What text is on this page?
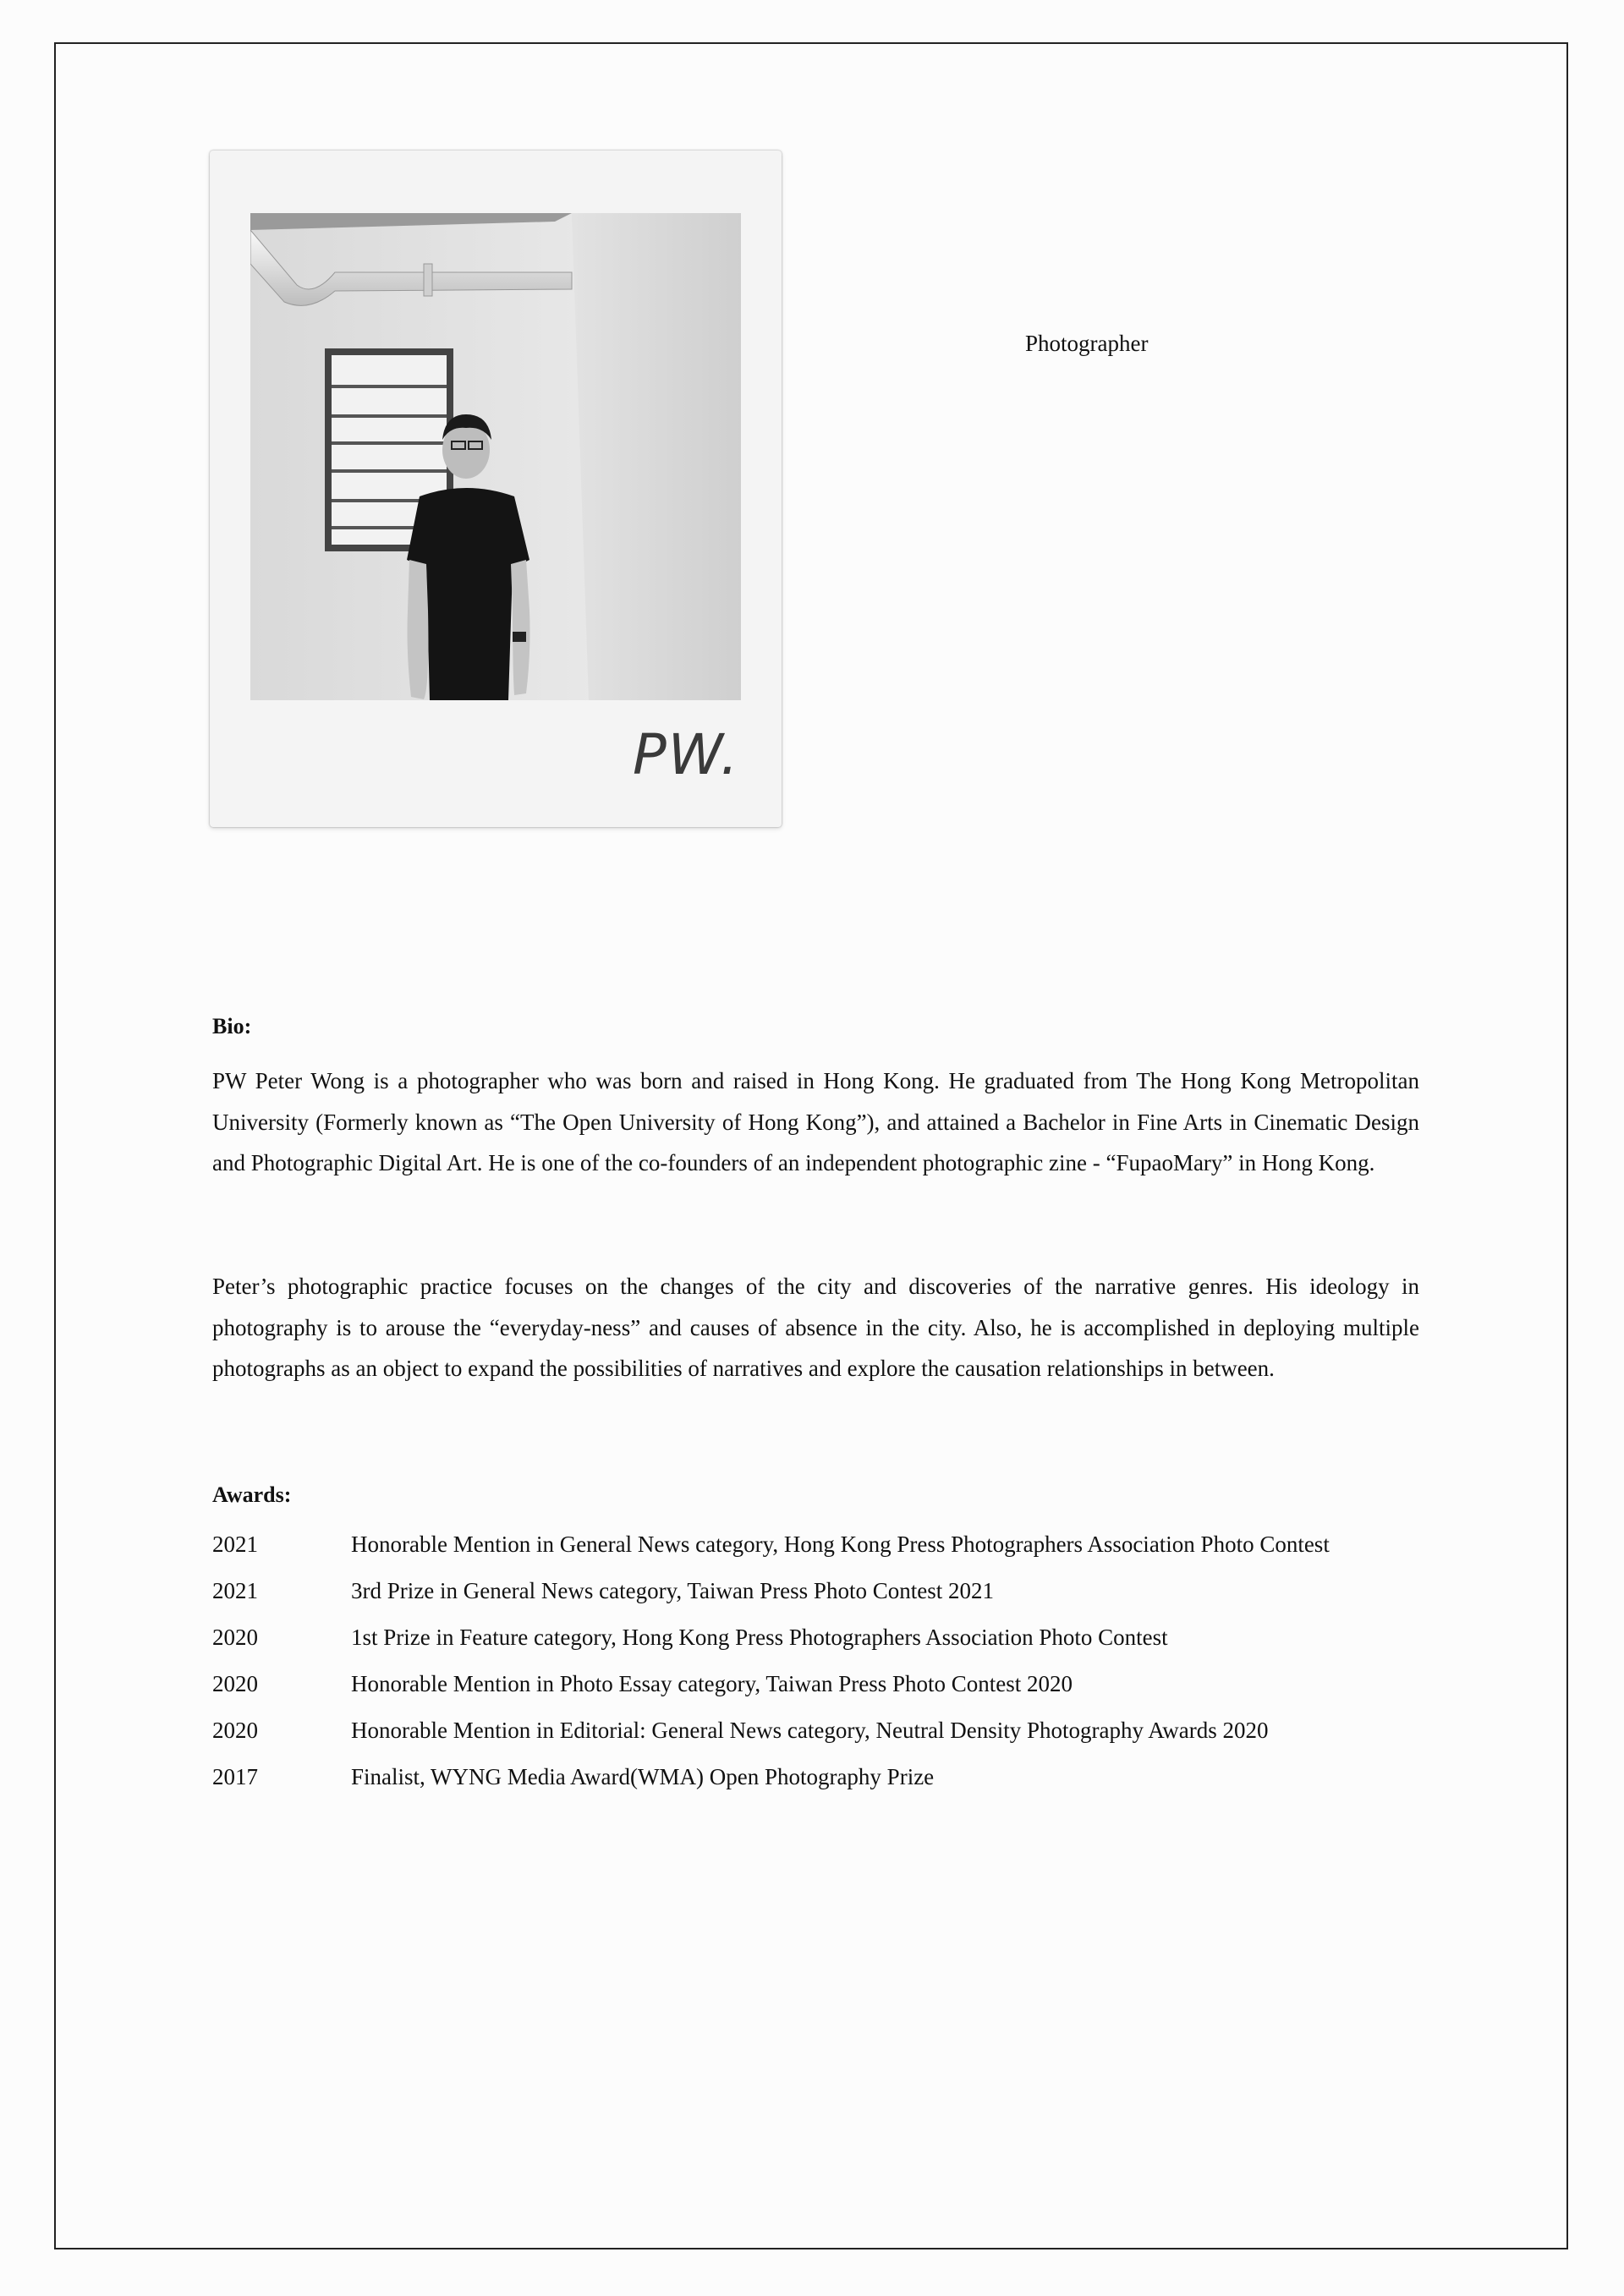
PW.
Photographer
Bio:

PW Peter Wong is a photographer who was born and raised in Hong Kong. He graduated from The Hong Kong Metropolitan University (Formerly known as “The Open University of Hong Kong”), and attained a Bachelor in Fine Arts in Cinematic Design and Photographic Digital Art. He is one of the co-founders of an independent photographic zine - “FupaoMary” in Hong Kong.

Peter’s photographic practice focuses on the changes of the city and discoveries of the narrative genres. His ideology in photography is to arouse the “everyday-ness” and causes of absence in the city. Also, he is accomplished in deploying multiple photographs as an object to expand the possibilities of narratives and explore the causation relationships in between.

Awards:
2021	Honorable Mention in General News category, Hong Kong Press Photographers Association Photo Contest
2021	3rd Prize in General News category, Taiwan Press Photo Contest 2021
2020	1st Prize in Feature category, Hong Kong Press Photographers Association Photo Contest
2020	Honorable Mention in Photo Essay category, Taiwan Press Photo Contest 2020
2020	Honorable Mention in Editorial: General News category, Neutral Density Photography Awards 2020
2017	Finalist, WYNG Media Award(WMA) Open Photography Prize
